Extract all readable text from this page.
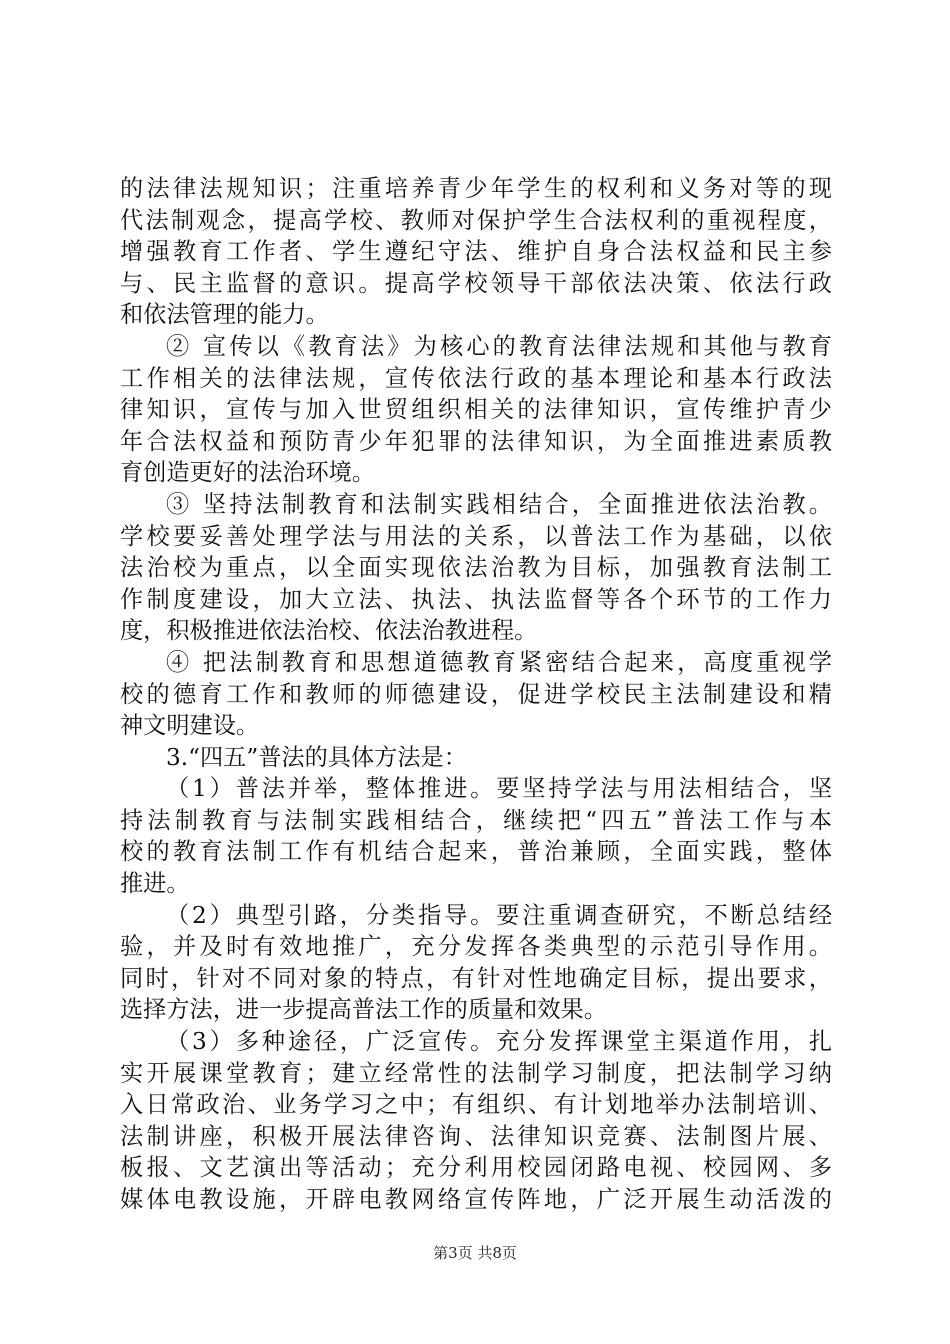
的法律法规知识；注重培养青少年学生的权利和义务对等的现
代法制观念，提高学校、教师对保护学生合法权利的重视程度，
增强教育工作者、学生遵纪守法、维护自身合法权益和民主参
与、民主监督的意识。提高学校领导干部依法决策、依法行政
和依法管理的能力。
② 宣传以《教育法》为核心的教育法律法规和其他与教育
工作相关的法律法规，宣传依法行政的基本理论和基本行政法
律知识，宣传与加入世贸组织相关的法律知识，宣传维护青少
年合法权益和预防青少年犯罪的法律知识，为全面推进素质教
育创造更好的法治环境。
③ 坚持法制教育和法制实践相结合，全面推进依法治教。
学校要妥善处理学法与用法的关系，以普法工作为基础，以依
法治校为重点，以全面实现依法治教为目标，加强教育法制工
作制度建设，加大立法、执法、执法监督等各个环节的工作力
度，积极推进依法治校、依法治教进程。
④ 把法制教育和思想道德教育紧密结合起来，高度重视学
校的德育工作和教师的师德建设，促进学校民主法制建设和精
神文明建设。
3.“四五”普法的具体方法是：
（1）普法并举，整体推进。要坚持学法与用法相结合，坚
持法制教育与法制实践相结合，继续把“四五”普法工作与本
校的教育法制工作有机结合起来，普治兼顾，全面实践，整体
推进。
（2）典型引路，分类指导。要注重调查研究，不断总结经
验，并及时有效地推广，充分发挥各类典型的示范引导作用。
同时，针对不同对象的特点，有针对性地确定目标，提出要求，
选择方法，进一步提高普法工作的质量和效果。
（3）多种途径，广泛宣传。充分发挥课堂主渠道作用，扎
实开展课堂教育；建立经常性的法制学习制度，把法制学习纳
入日常政治、业务学习之中；有组织、有计划地举办法制培训、
法制讲座，积极开展法律咨询、法律知识竞赛、法制图片展、
板报、文艺演出等活动；充分利用校园闭路电视、校园网、多
媒体电教设施，开辟电教网络宣传阵地，广泛开展生动活泼的
第3页 共8页
